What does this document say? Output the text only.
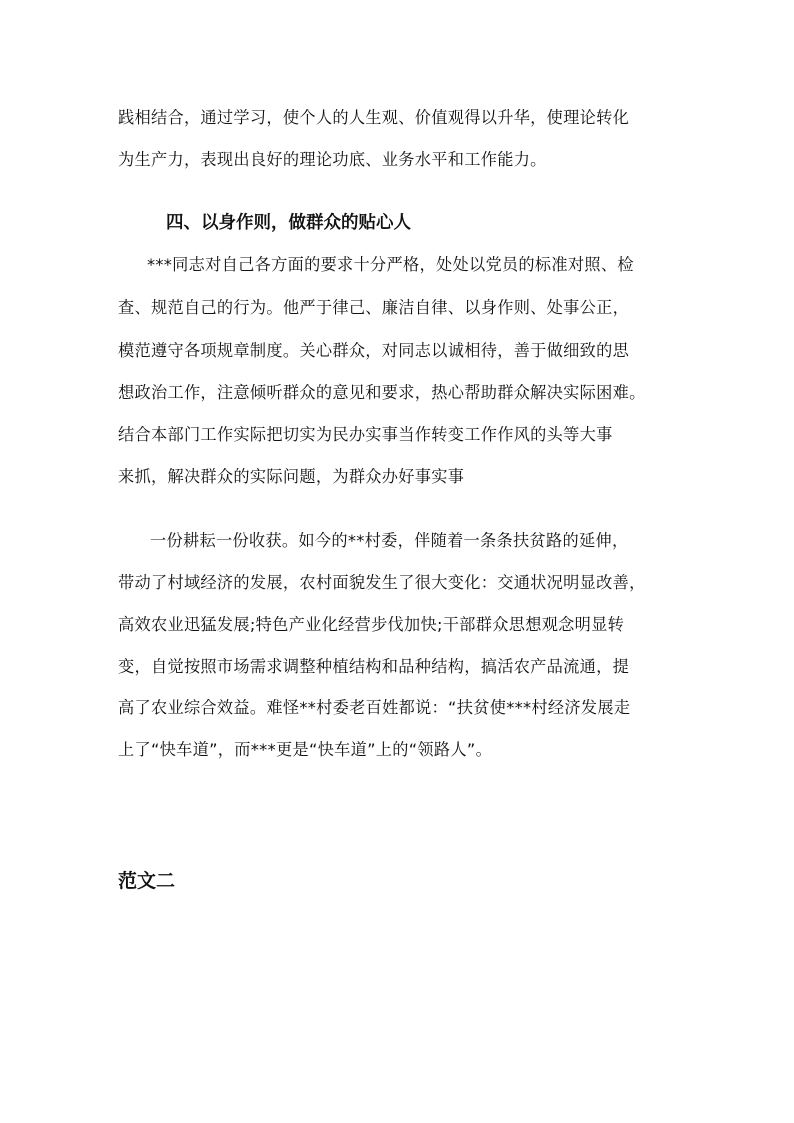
践相结合，通过学习，使个人的人生观、价值观得以升华，使理论转化
为生产力，表现出良好的理论功底、业务水平和工作能力。
四、以身作则，做群众的贴心人
***同志对自己各方面的要求十分严格，处处以党员的标准对照、检
查、规范自己的行为。他严于律己、廉洁自律、以身作则、处事公正，
模范遵守各项规章制度。关心群众，对同志以诚相待，善于做细致的思
想政治工作，注意倾听群众的意见和要求，热心帮助群众解决实际困难。
结合本部门工作实际把切实为民办实事当作转变工作作风的头等大事
来抓，解决群众的实际问题，为群众办好事实事
一份耕耘一份收获。如今的**村委，伴随着一条条扶贫路的延伸，
带动了村域经济的发展，农村面貌发生了很大变化：交通状况明显改善，
高效农业迅猛发展;特色产业化经营步伐加快;干部群众思想观念明显转
变，自觉按照市场需求调整种植结构和品种结构，搞活农产品流通，提
高了农业综合效益。难怪**村委老百姓都说：“扶贫使***村经济发展走
上了“快车道”，而***更是“快车道”上的“领路人”。
范文二
